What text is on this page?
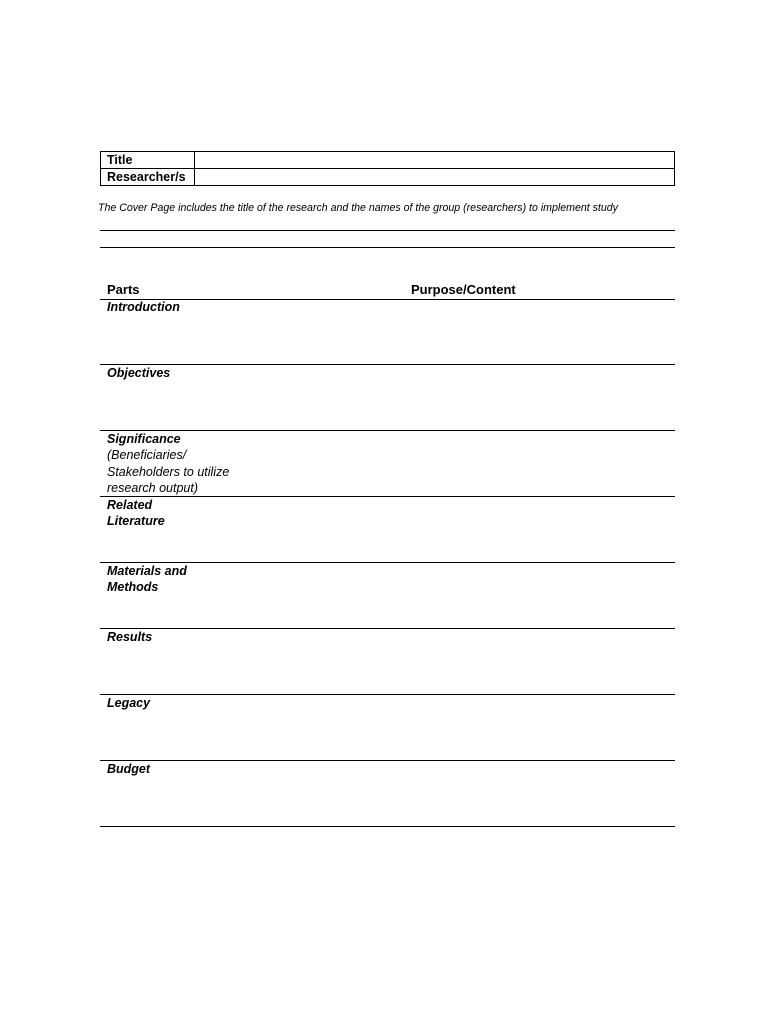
Title	
Researcher/s	
The Cover Page includes the title of the research and the names of the group (researchers) to implement study
Parts	Purpose/Content
Introduction
Objectives
Significance
(Beneficiaries/ Stakeholders to utilize research output)
Related Literature
Materials and Methods
Results
Legacy
Budget
